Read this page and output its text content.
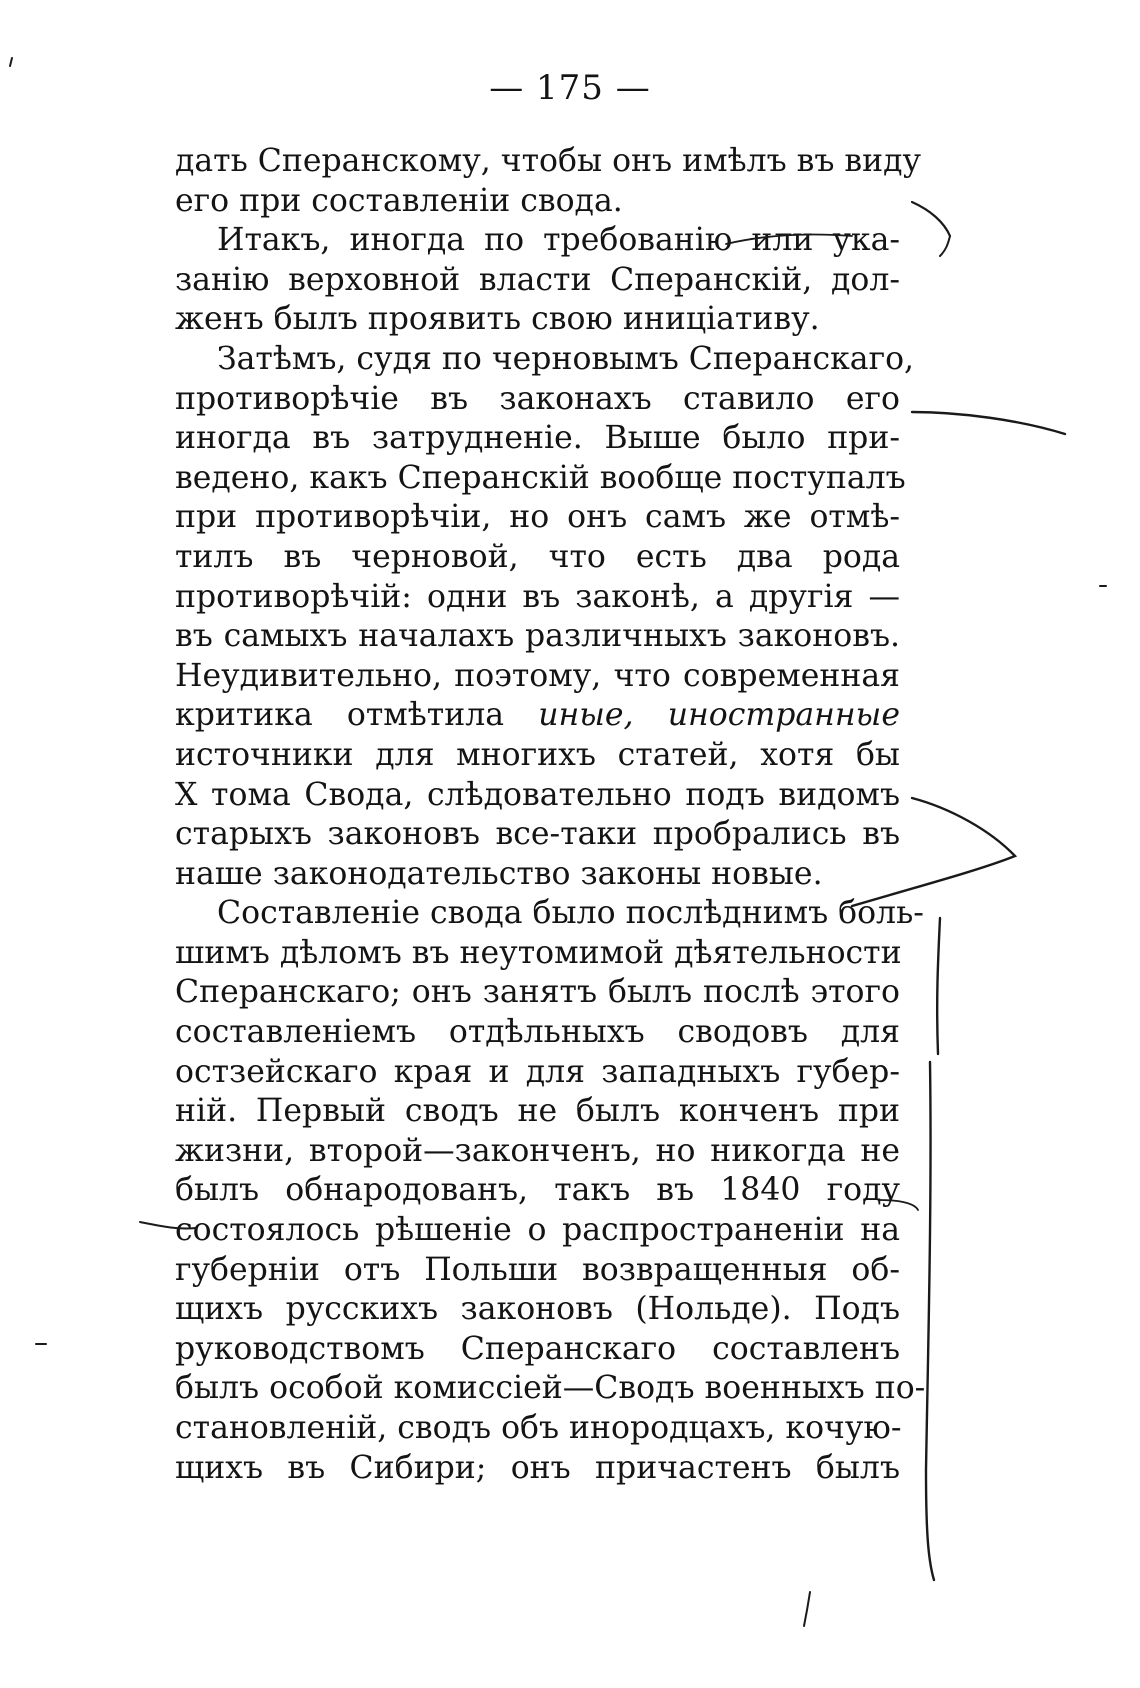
— 175 —
дать Сперанскому, чтобы онъ имѣлъ въ виду
его при составленіи свода.
Итакъ, иногда по требованію или ука-
занію верховной власти Сперанскій, дол-
женъ былъ проявить свою иниціативу.
Затѣмъ, судя по черновымъ Сперанскаго,
противорѣчіе въ законахъ ставило его
иногда въ затрудненіе. Выше было при-
ведено, какъ Сперанскій вообще поступалъ
при противорѣчіи, но онъ самъ же отмѣ-
тилъ въ черновой, что есть два рода
противорѣчій: одни въ законѣ, а другія —
въ самыхъ началахъ различныхъ законовъ.
Неудивительно, поэтому, что современная
критика отмѣтила иные, иностранные
источники для многихъ статей, хотя бы
X тома Свода, слѣдовательно подъ видомъ
старыхъ законовъ все-таки пробрались въ
наше законодательство законы новые.
Составленіе свода было послѣднимъ боль-
шимъ дѣломъ въ неутомимой дѣятельности
Сперанскаго; онъ занятъ былъ послѣ этого
составленіемъ отдѣльныхъ сводовъ для
остзейскаго края и для западныхъ губер-
ній. Первый сводъ не былъ конченъ при
жизни, второй—законченъ, но никогда не
былъ обнародованъ, такъ въ 1840 году
состоялось рѣшеніе о распространеніи на
губерніи отъ Польши возвращенныя об-
щихъ русскихъ законовъ (Нольде). Подъ
руководствомъ Сперанскаго составленъ
былъ особой комиссіей—Сводъ военныхъ по-
становленій, сводъ объ инородцахъ, кочую-
щихъ въ Сибири; онъ причастенъ былъ
